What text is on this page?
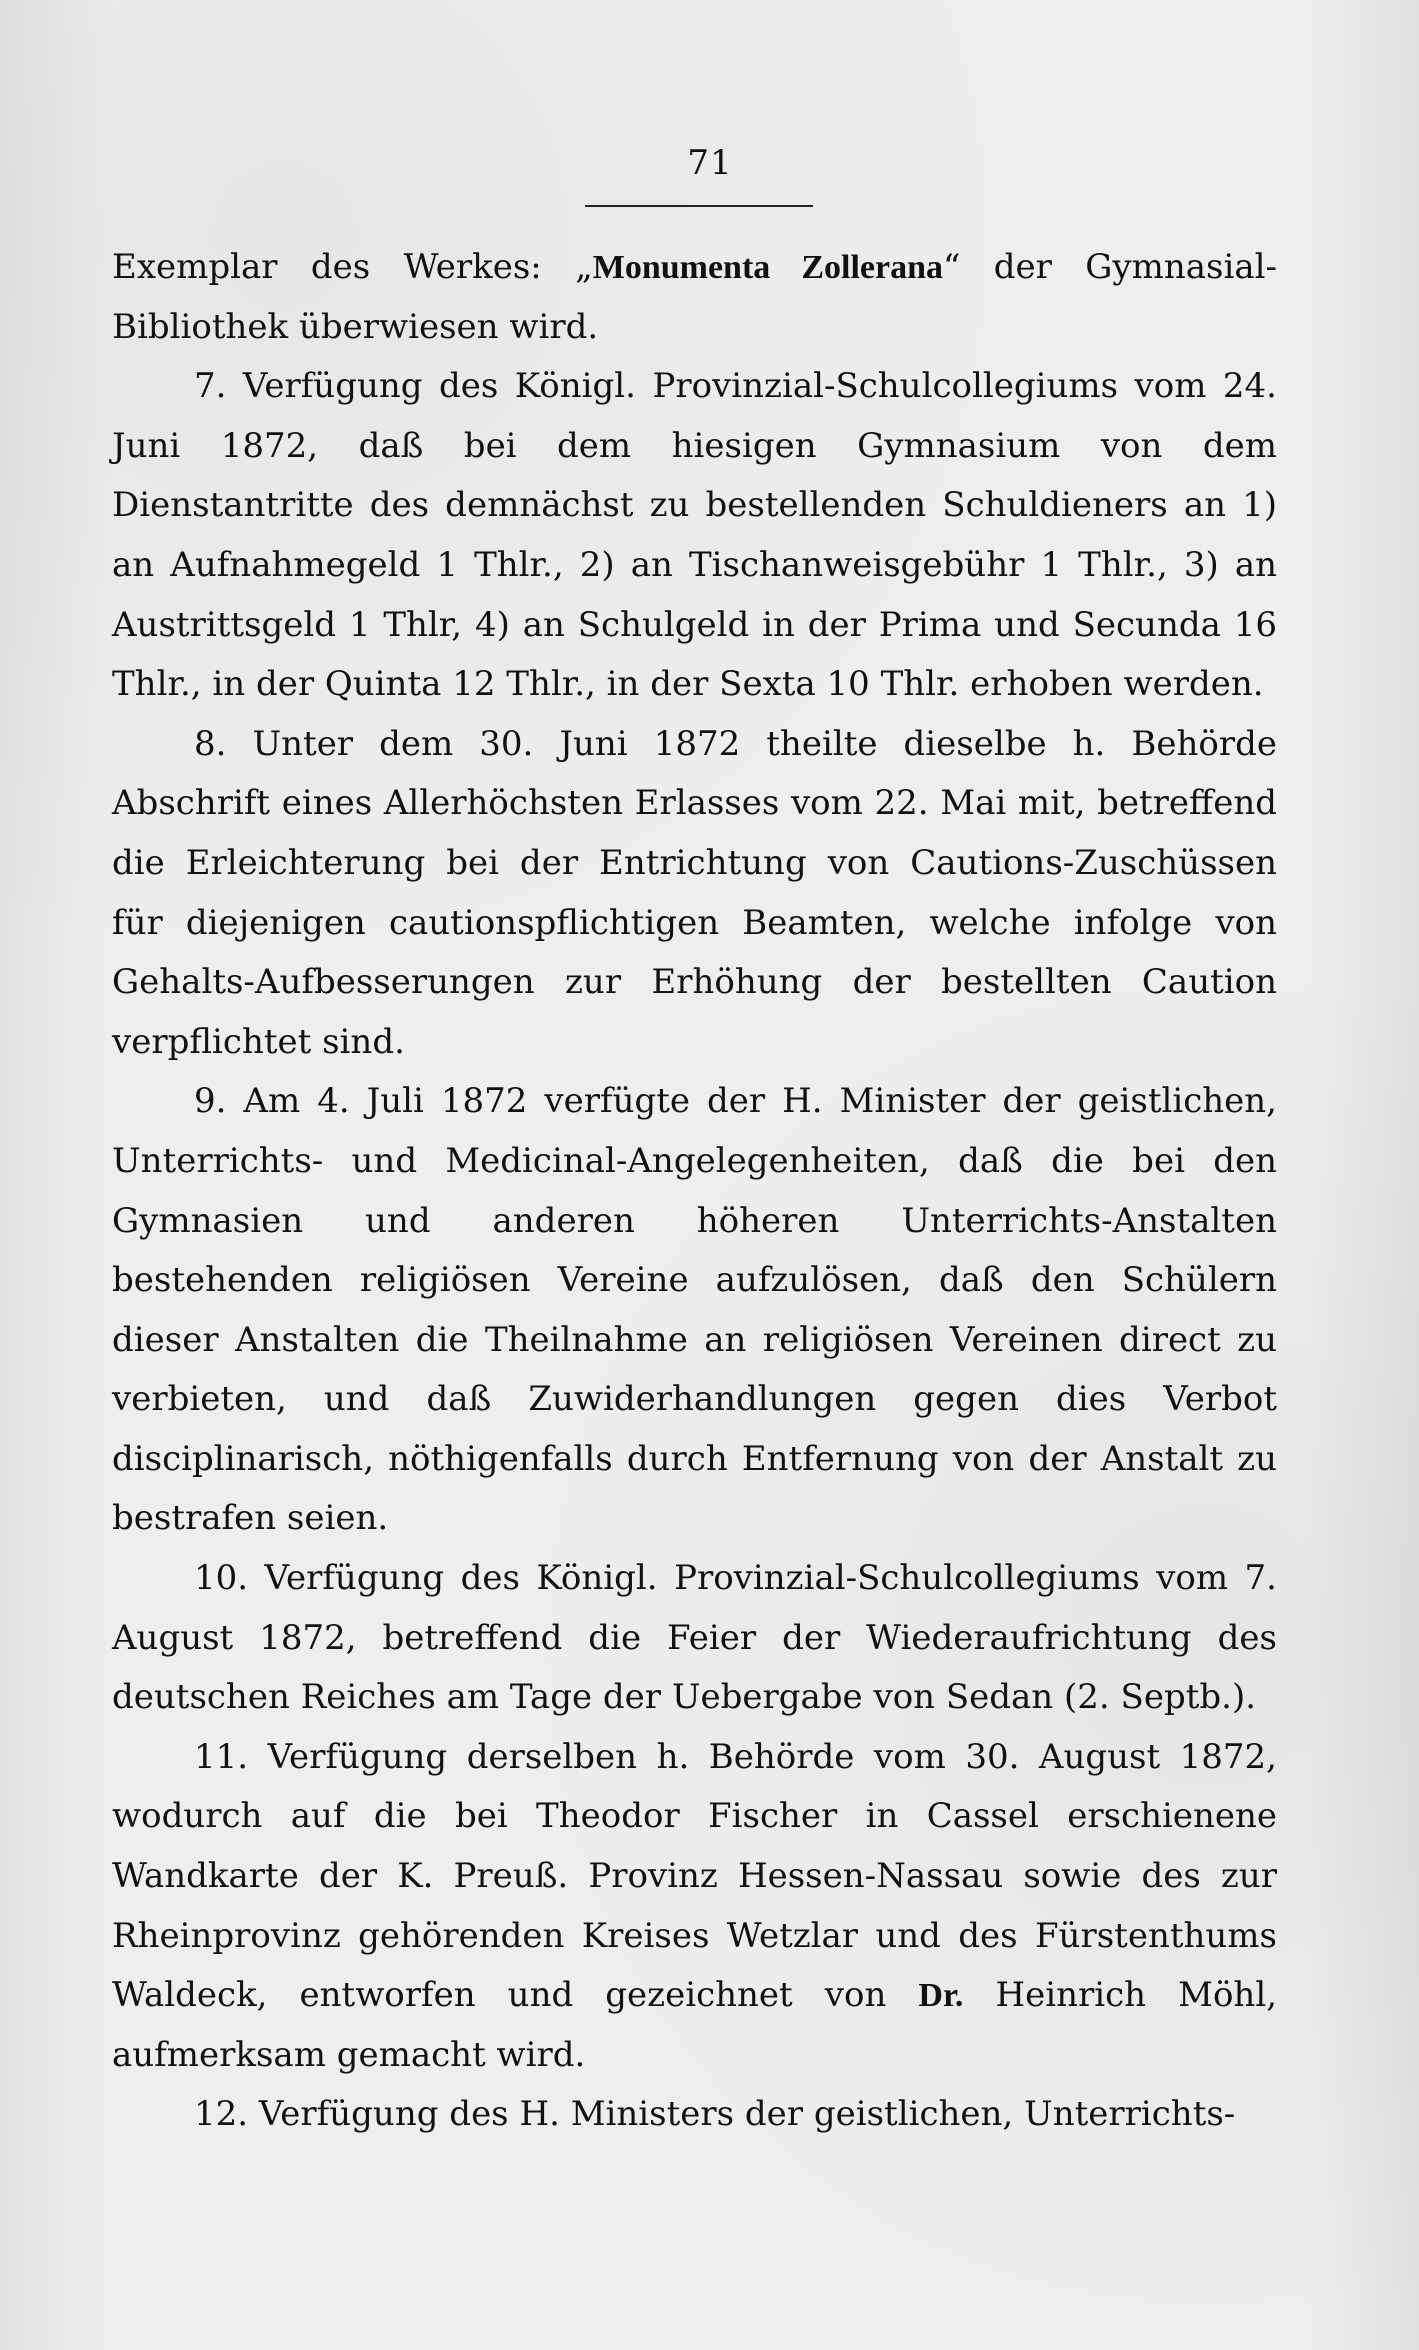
71

Exemplar des Werkes: „Monumenta Zollerana“ der Gymnasial-Bibliothek überwiesen wird.

7. Verfügung des Königl. Provinzial-Schulcollegiums vom 24. Juni 1872, daß bei dem hiesigen Gymnasium von dem Dienstantritte des demnächst zu bestellenden Schuldieners an 1) an Aufnahmegeld 1 Thlr., 2) an Tischanweisgebühr 1 Thlr., 3) an Austrittsgeld 1 Thlr, 4) an Schulgeld in der Prima und Secunda 16 Thlr., in der Quinta 12 Thlr., in der Sexta 10 Thlr. erhoben werden.

8. Unter dem 30. Juni 1872 theilte dieselbe h. Behörde Abschrift eines Allerhöchsten Erlasses vom 22. Mai mit, betreffend die Erleichterung bei der Entrichtung von Cautions-Zuschüssen für diejenigen cautionspflichtigen Beamten, welche infolge von Gehalts-Aufbesserungen zur Erhöhung der bestellten Caution verpflichtet sind.

9. Am 4. Juli 1872 verfügte der H. Minister der geistlichen, Unterrichts- und Medicinal-Angelegenheiten, daß die bei den Gymnasien und anderen höheren Unterrichts-Anstalten bestehenden religiösen Vereine aufzulösen, daß den Schülern dieser Anstalten die Theilnahme an religiösen Vereinen direct zu verbieten, und daß Zuwiderhandlungen gegen dies Verbot disciplinarisch, nöthigenfalls durch Entfernung von der Anstalt zu bestrafen seien.

10. Verfügung des Königl. Provinzial-Schulcollegiums vom 7. August 1872, betreffend die Feier der Wiederaufrichtung des deutschen Reiches am Tage der Uebergabe von Sedan (2. Septb.).

11. Verfügung derselben h. Behörde vom 30. August 1872, wodurch auf die bei Theodor Fischer in Cassel erschienene Wandkarte der K. Preuß. Provinz Hessen-Nassau sowie des zur Rheinprovinz gehörenden Kreises Wetzlar und des Fürstenthums Waldeck, entworfen und gezeichnet von Dr. Heinrich Möhl, aufmerksam gemacht wird.

12. Verfügung des H. Ministers der geistlichen, Unterrichts-
